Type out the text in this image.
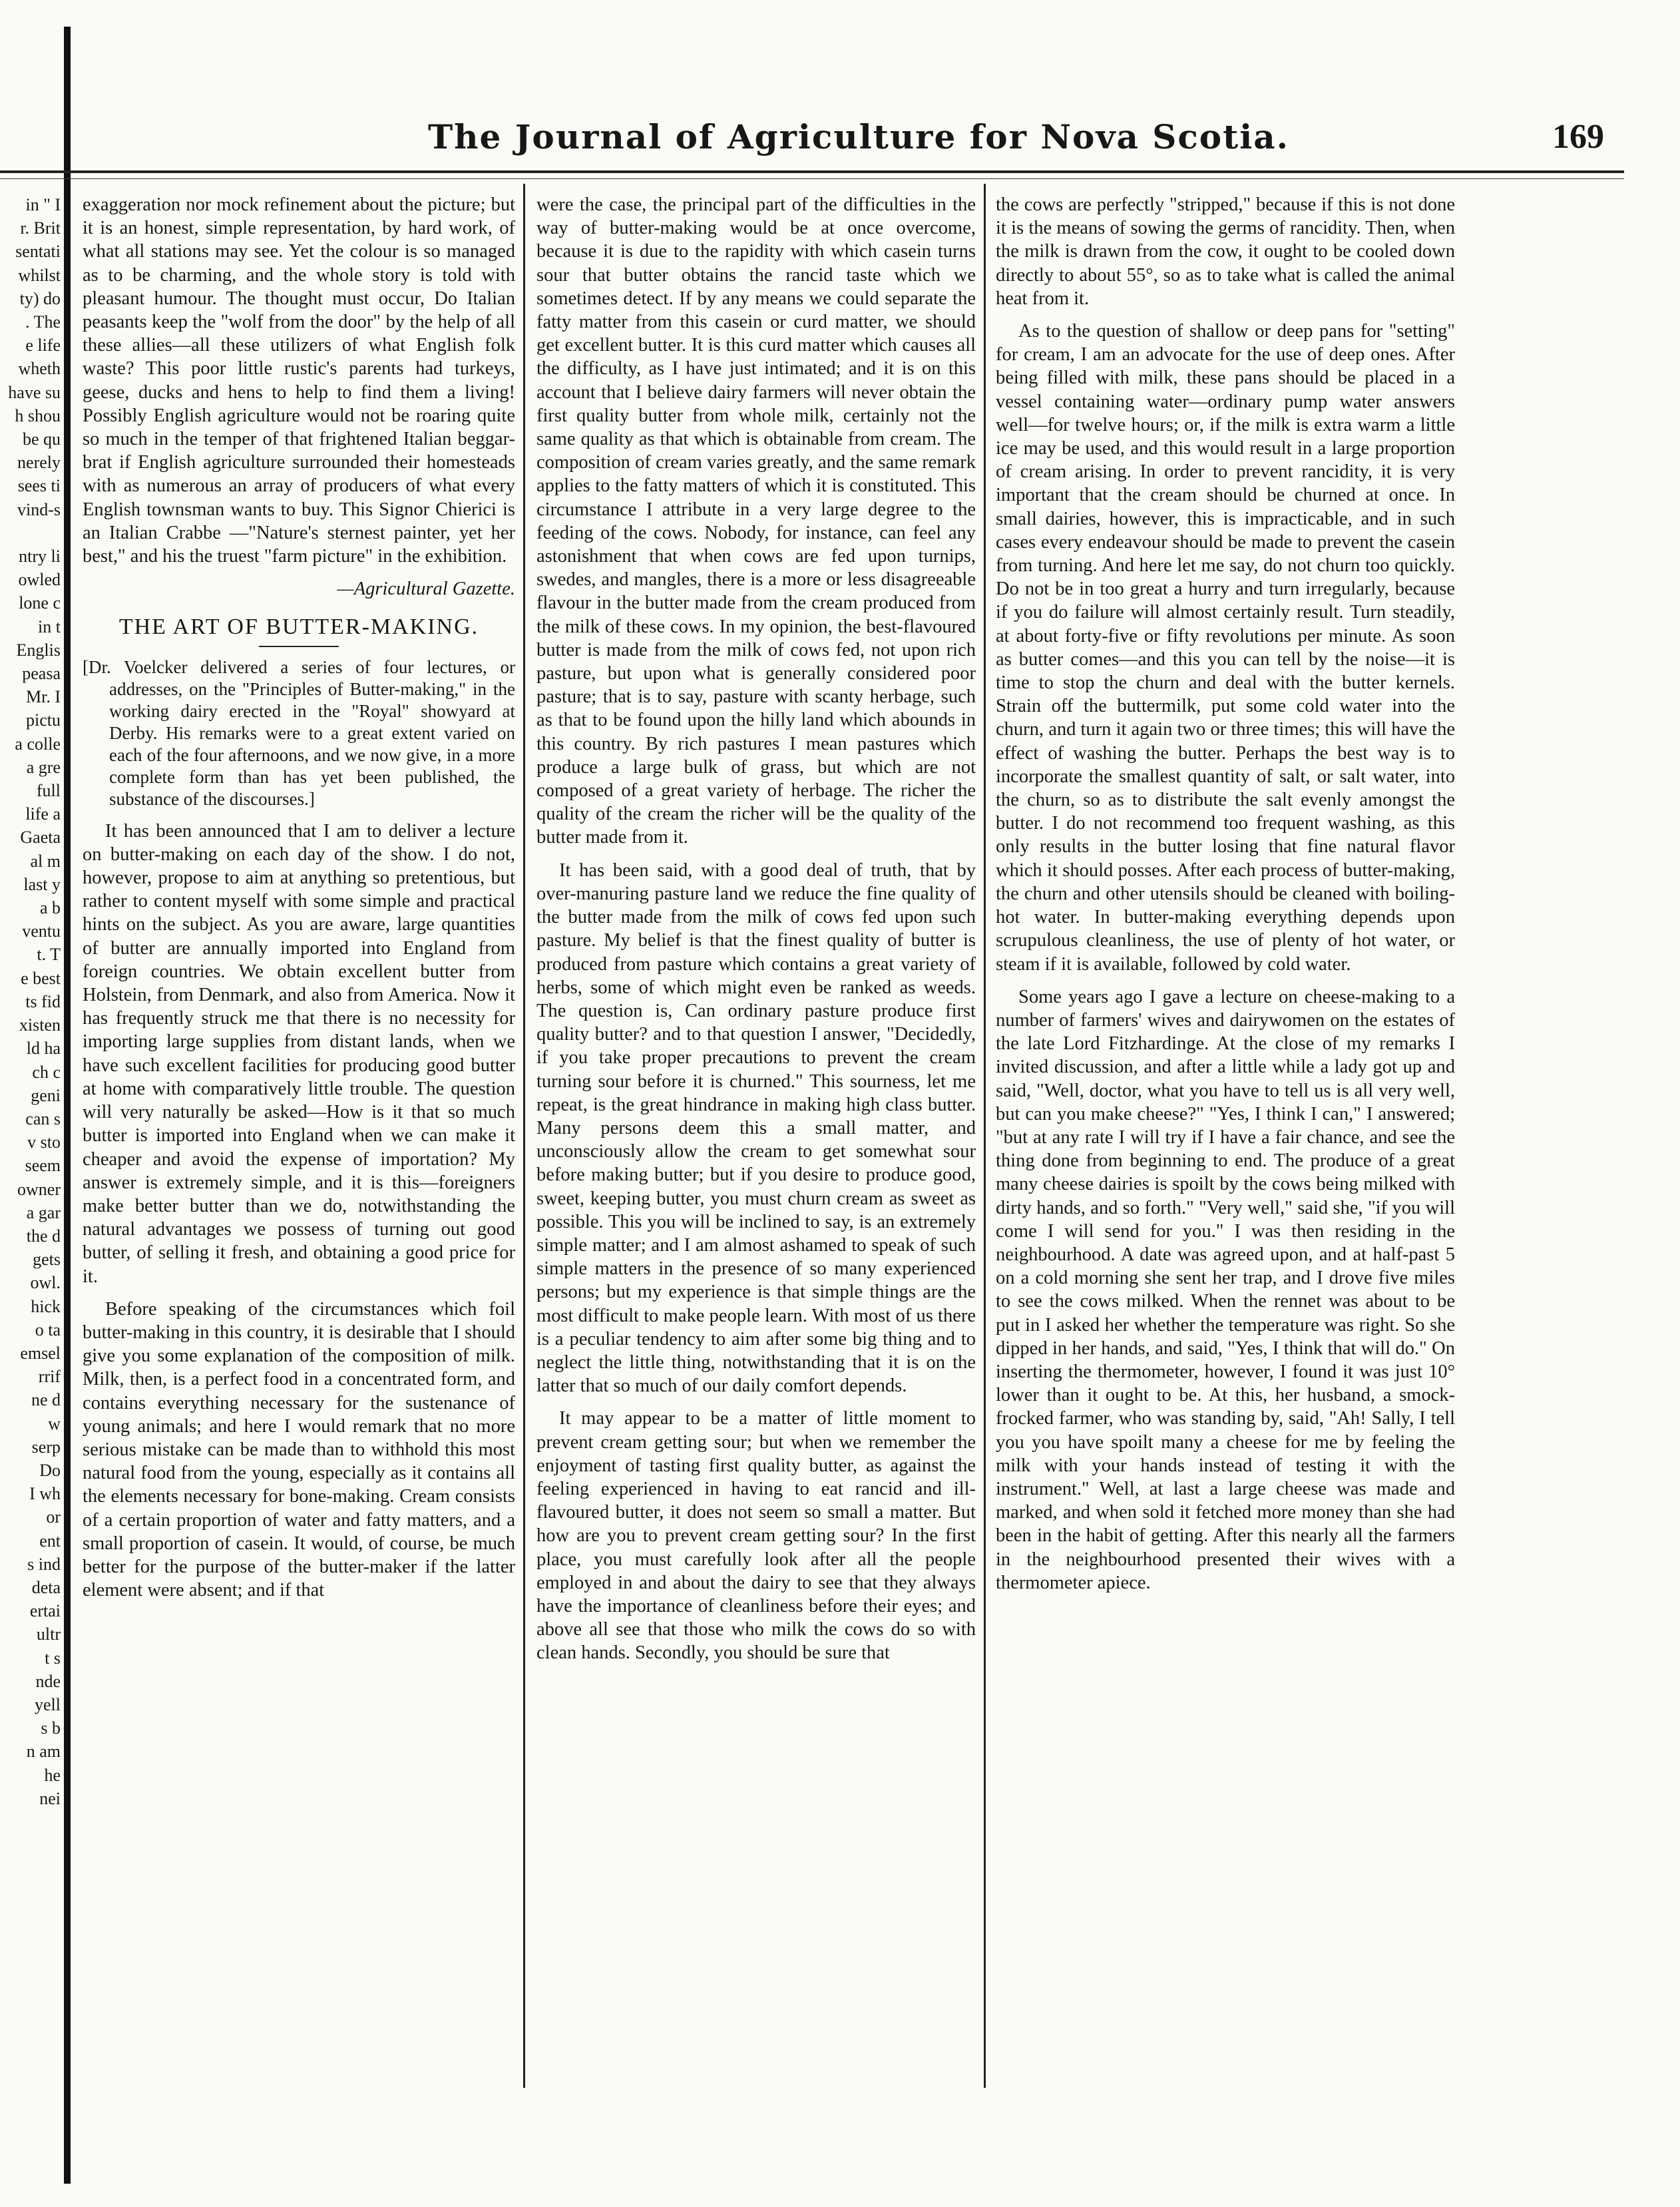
The Journal of Agriculture for Nova Scotia.	169
in " I
r. Brit
sentati
whilst
ty) do
. The
e life
wheth
have su
h shou
be qu
nerely
sees ti
vind-s
ntry li
owled
lone c
in t
Englis
peasa
Mr. I
pictu
a colle
a gre
full
life a
Gaeta
al m
last y
a b
ventu
t. T
e best
ts fid
xisten
ld ha
ch c
geni
can s
v sto
seem
owner
a gar
the d
gets
owl.
hick
o ta
emsel
rrif
ne d
w
serp
Do
I wh
or
ent
s ind
deta
ertai
ultr
t s
nde
yell
s b
n am
he
nei

exaggeration nor mock refinement about the picture; but it is an honest, simple representation, by hard work, of what all stations may see. Yet the colour is so managed as to be charming, and the whole story is told with pleasant humour. The thought must occur, Do Italian peasants keep the "wolf from the door" by the help of all these allies—all these utilizers of what English folk waste? This poor little rustic's parents had turkeys, geese, ducks and hens to help to find them a living! Possibly English agriculture would not be roaring quite so much in the temper of that frightened Italian beggar-brat if English agriculture surrounded their homesteads with as numerous an array of producers of what every English townsman wants to buy. This Signor Chierici is an Italian Crabbe —"Nature's sternest painter, yet her best," and his the truest "farm picture" in the exhibition.

—Agricultural Gazette.

THE ART OF BUTTER-MAKING.

[Dr. Voelcker delivered a series of four lectures, or addresses, on the "Principles of Butter-making," in the working dairy erected in the "Royal" showyard at Derby. His remarks were to a great extent varied on each of the four afternoons, and we now give, in a more complete form than has yet been published, the substance of the discourses.]

It has been announced that I am to deliver a lecture on butter-making on each day of the show. I do not, however, propose to aim at anything so pretentious, but rather to content myself with some simple and practical hints on the subject. As you are aware, large quantities of butter are annually imported into England from foreign countries. We obtain excellent butter from Holstein, from Denmark, and also from America. Now it has frequently struck me that there is no necessity for importing large supplies from distant lands, when we have such excellent facilities for producing good butter at home with comparatively little trouble. The question will very naturally be asked—How is it that so much butter is imported into England when we can make it cheaper and avoid the expense of importation? My answer is extremely simple, and it is this—foreigners make better butter than we do, notwithstanding the natural advantages we possess of turning out good butter, of selling it fresh, and obtaining a good price for it.

Before speaking of the circumstances which foil butter-making in this country, it is desirable that I should give you some explanation of the composition of milk. Milk, then, is a perfect food in a concentrated form, and contains everything necessary for the sustenance of young animals; and here I would remark that no more serious mistake can be made than to withhold this most natural food from the young, especially as it contains all the elements necessary for bone-making. Cream consists of a certain proportion of water and fatty matters, and a small proportion of casein. It would, of course, be much better for the purpose of the butter-maker if the latter element were absent; and if that

were the case, the principal part of the difficulties in the way of butter-making would be at once overcome, because it is due to the rapidity with which casein turns sour that butter obtains the rancid taste which we sometimes detect. If by any means we could separate the fatty matter from this casein or curd matter, we should get excellent butter. It is this curd matter which causes all the difficulty, as I have just intimated; and it is on this account that I believe dairy farmers will never obtain the first quality butter from whole milk, certainly not the same quality as that which is obtainable from cream. The composition of cream varies greatly, and the same remark applies to the fatty matters of which it is constituted. This circumstance I attribute in a very large degree to the feeding of the cows. Nobody, for instance, can feel any astonishment that when cows are fed upon turnips, swedes, and mangles, there is a more or less disagreeable flavour in the butter made from the cream produced from the milk of these cows. In my opinion, the best-flavoured butter is made from the milk of cows fed, not upon rich pasture, but upon what is generally considered poor pasture; that is to say, pasture with scanty herbage, such as that to be found upon the hilly land which abounds in this country. By rich pastures I mean pastures which produce a large bulk of grass, but which are not composed of a great variety of herbage. The richer the quality of the cream the richer will be the quality of the butter made from it.

It has been said, with a good deal of truth, that by over-manuring pasture land we reduce the fine quality of the butter made from the milk of cows fed upon such pasture. My belief is that the finest quality of butter is produced from pasture which contains a great variety of herbs, some of which might even be ranked as weeds. The question is, Can ordinary pasture produce first quality butter? and to that question I answer, "Decidedly, if you take proper precautions to prevent the cream turning sour before it is churned." This sourness, let me repeat, is the great hindrance in making high class butter. Many persons deem this a small matter, and unconsciously allow the cream to get somewhat sour before making butter; but if you desire to produce good, sweet, keeping butter, you must churn cream as sweet as possible. This you will be inclined to say, is an extremely simple matter; and I am almost ashamed to speak of such simple matters in the presence of so many experienced persons; but my experience is that simple things are the most difficult to make people learn. With most of us there is a peculiar tendency to aim after some big thing and to neglect the little thing, notwithstanding that it is on the latter that so much of our daily comfort depends.

It may appear to be a matter of little moment to prevent cream getting sour; but when we remember the enjoyment of tasting first quality butter, as against the feeling experienced in having to eat rancid and ill-flavoured butter, it does not seem so small a matter. But how are you to prevent cream getting sour? In the first place, you must carefully look after all the people employed in and about the dairy to see that they always have the importance of cleanliness before their eyes; and above all see that those who milk the cows do so with clean hands. Secondly, you should be sure that

the cows are perfectly "stripped," because if this is not done it is the means of sowing the germs of rancidity. Then, when the milk is drawn from the cow, it ought to be cooled down directly to about 55°, so as to take what is called the animal heat from it.

As to the question of shallow or deep pans for "setting" for cream, I am an advocate for the use of deep ones. After being filled with milk, these pans should be placed in a vessel containing water—ordinary pump water answers well—for twelve hours; or, if the milk is extra warm a little ice may be used, and this would result in a large proportion of cream arising. In order to prevent rancidity, it is very important that the cream should be churned at once. In small dairies, however, this is impracticable, and in such cases every endeavour should be made to prevent the casein from turning. And here let me say, do not churn too quickly. Do not be in too great a hurry and turn irregularly, because if you do failure will almost certainly result. Turn steadily, at about forty-five or fifty revolutions per minute. As soon as butter comes—and this you can tell by the noise—it is time to stop the churn and deal with the butter kernels. Strain off the buttermilk, put some cold water into the churn, and turn it again two or three times; this will have the effect of washing the butter. Perhaps the best way is to incorporate the smallest quantity of salt, or salt water, into the churn, so as to distribute the salt evenly amongst the butter. I do not recommend too frequent washing, as this only results in the butter losing that fine natural flavor which it should posses. After each process of butter-making, the churn and other utensils should be cleaned with boiling-hot water. In butter-making everything depends upon scrupulous cleanliness, the use of plenty of hot water, or steam if it is available, followed by cold water.

Some years ago I gave a lecture on cheese-making to a number of farmers' wives and dairywomen on the estates of the late Lord Fitzhardinge. At the close of my remarks I invited discussion, and after a little while a lady got up and said, "Well, doctor, what you have to tell us is all very well, but can you make cheese?" "Yes, I think I can," I answered; "but at any rate I will try if I have a fair chance, and see the thing done from beginning to end. The produce of a great many cheese dairies is spoilt by the cows being milked with dirty hands, and so forth." "Very well," said she, "if you will come I will send for you." I was then residing in the neighbourhood. A date was agreed upon, and at half-past 5 on a cold morning she sent her trap, and I drove five miles to see the cows milked. When the rennet was about to be put in I asked her whether the temperature was right. So she dipped in her hands, and said, "Yes, I think that will do." On inserting the thermometer, however, I found it was just 10° lower than it ought to be. At this, her husband, a smock-frocked farmer, who was standing by, said, "Ah! Sally, I tell you you have spoilt many a cheese for me by feeling the milk with your hands instead of testing it with the instrument." Well, at last a large cheese was made and marked, and when sold it fetched more money than she had been in the habit of getting. After this nearly all the farmers in the neighbourhood presented their wives with a thermometer apiece.
